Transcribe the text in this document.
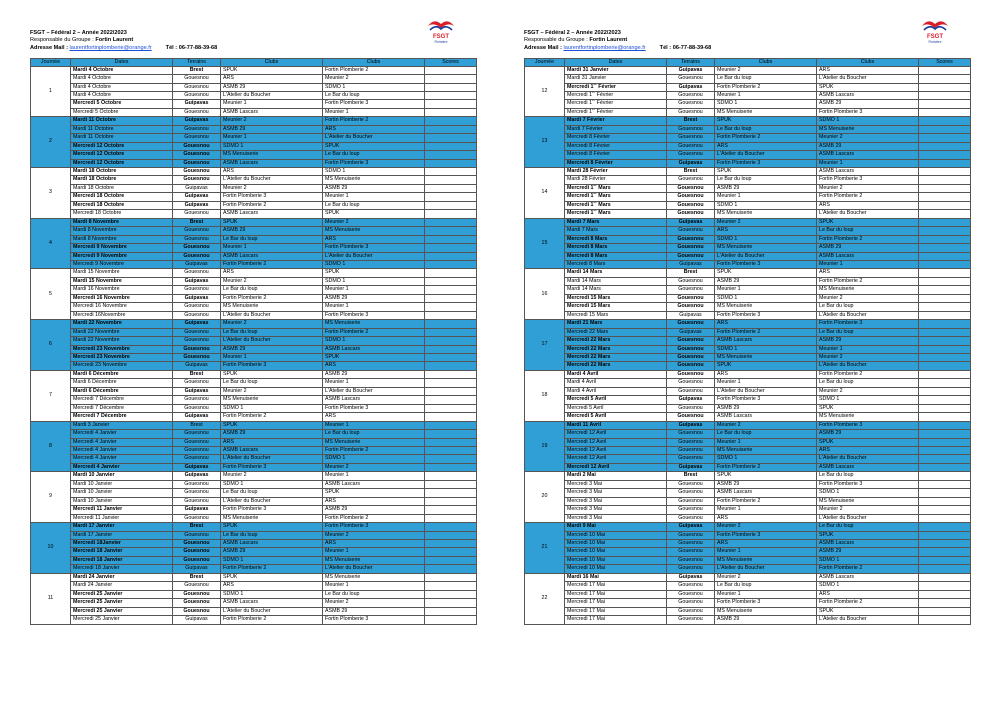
FSGT – Fédéral 2 – Année 2022/2023
Responsable du Groupe : Fortin Laurent
Adresse Mail : laurentfortinplomberie@orange.fr	Tél : 06-77-88-39-68
FSGT
Finistère
Journée	Dates	Terrains	Clubs	Clubs	Scores
1	Mardi 4 Octobre	Brest	SPUK	Fortin Plomberie 2	
	Mardi 4 Octobre	Gouesnou	ARS	Meunier 2	
	Mardi 4 Octobre	Gouesnou	ASMB 29	SDMO 1	
	Mardi 4 Octobre	Gouesnou	L'Atelier du Boucher	Le Bar du loup	
	Mercredi 5 Octobre	Guipavas	Meunier 1	Fortin Plomberie 3	
	Mercredi 5 Octobre	Gouesnou	ASMB Lascars	Meunier 1	
2	Mardi 11 Octobre	Guipavas	Meunier 2	Fortin Plomberie 2	
	Mardi 11 Octobre	Gouesnou	ASMB 29	ARS	
	Mardi 11 Octobre	Gouesnou	Meunier 1	L'Atelier du Boucher	
	Mercredi 12 Octobre	Gouesnou	SDMO 1	SPUK	
	Mercredi 12 Octobre	Gouesnou	MS Menuiserie	Le Bar du loup	
	Mercredi 12 Octobre	Gouesnou	ASMB Lascars	Fortin Plomberie 3	
3	Mardi 18 Octobre	Gouesnou	ARS	SDMO 1	
	Mardi 18 Octobre	Gouesnou	L'Atelier du Boucher	MS Menuiserie	
	Mardi 18 Octobre	Guipavas	Meunier 2	ASMB 29	
	Mercredi 18 Octobre	Guipavas	Fortin Plomberie 3	Meunier 1	
	Mercredi 18 Octobre	Guipavas	Fortin Plomberie 2	Le Bar du loup	
	Mercredi 18 Octobre	Gouesnou	ASMB Lascars	SPUK	
4	Mardi 8 Novembre	Brest	SPUK	Meunier 2	
	Mardi 8 Novembre	Gouesnou	ASMB 29	MS Menuiserie	
	Mardi 8 Novembre	Gouesnou	Le Bar du loup	ARS	
	Mercredi 9 Novembre	Gouesnou	Meunier 1	Fortin Plomberie 3	
	Mercredi 9 Novembre	Gouesnou	ASMB Lascars	L'Atelier du Boucher	
	Mercredi 9 Novembre	Guipavas	Fortin Plomberie 2	SDMO 1	
5	Mardi 15 Novembre	Gouesnou	ARS	SPUK	
	Mardi 15 Novembre	Guipavas	Meunier 2	SDMO 1	
	Mardi 16 Novembre	Gouesnou	Le Bar du loup	Meunier 1	
	Mercredi 16 Novembre	Guipavas	Fortin Plomberie 2	ASMB 29	
	Mercredi 16 Novembre	Gouesnou	MS Menuiserie	Meunier 1	
	Mercredi 16Novembre	Gouesnou	L'Atelier du Boucher	Fortin Plomberie 3	
6	Mardi 22 Novembre	Guipavas	Meunier 2	MS Menuiserie	
	Mardi 22 Novembre	Gouesnou	Le Bar du loup	Fortin Plomberie 2	
	Mardi 22 Novembre	Gouesnou	L'Atelier du Boucher	SDMO 1	
	Mercredi 23 Novembre	Gouesnou	ASMB 29	ASMB Lascars	
	Mercredi 23 Novembre	Gouesnou	Meunier 1	SPUK	
	Mercredi 23 Novembre	Guipavas	Fortin Plomberie 3	ARS	
7	Mardi 6 Décembre	Brest	SPUK	ASMB 29	
	Mardi 6 Décembre	Gouesnou	Le Bar du loup	Meunier 1	
	Mardi 6 Décembre	Guipavas	Meunier 2	L'Atelier du Boucher	
	Mercredi 7 Décembre	Gouesnou	MS Menuiserie	ASMB Lascars	
	Mercredi 7 Décembre	Gouesnou	SDMO 1	Fortin Plomberie 3	
	Mercredi 7 Décembre	Guipavas	Fortin Plomberie 2	ARS	
8	Mardi 3 Janvier	Brest	SPUK	Meunier 1	
	Mercredi 4 Janvier	Gouesnou	ASMB 29	Le Bar du loup	
	Mercredi 4 Janvier	Gouesnou	ARS	MS Menuiserie	
	Mercredi 4 Janvier	Gouesnou	ASMB Lascars	Fortin Plomberie 2	
	Mercredi 4 Janvier	Gouesnou	L'Atelier du Boucher	SDMO 1	
	Mercredi 4 Janvier	Guipavas	Fortin Plomberie 3	Meunier 2	
9	Mardi 10 Janvier	Guipavas	Meunier 2	Meunier 1	
	Mardi 10 Janvier	Gouesnou	SDMO 1	ASMB Lascars	
	Mardi 10 Janvier	Gouesnou	Le Bar du loup	SPUK	
	Mardi 10 Janvier	Gouesnou	L'Atelier du Boucher	ARS	
	Mercredi 11 Janvier	Guipavas	Fortin Plomberie 3	ASMB 29	
	Mercredi 11 Janvier	Gouesnou	MS Menuiserie	Fortin Plomberie 2	
10	Mardi 17 Janvier	Brest	SPUK	Fortin Plomberie 3	
	Mardi 17 Janvier	Gouesnou	Le Bar du loup	Meunier 2	
	Mercredi 18Janvier	Gouesnou	ASMB Lascars	ARS	
	Mercredi 18 Janvier	Gouesnou	ASMB 29	Meunier 1	
	Mercredi 18 Janvier	Gouesnou	SDMO 1	MS Menuiserie	
	Mercredi 18 Janvier	Guipavas	Fortin Plomberie 2	L'Atelier du Boucher	
11	Mardi 24 Janvier	Brest	SPUK	MS Menuiserie	
	Mardi 24 Janvier	Gouesnou	ARS	Meunier 1	
	Mercredi 25 Janvier	Gouesnou	SDMO 1	Le Bar du loup	
	Mercredi 25 Janvier	Gouesnou	ASMB Lascars	Meunier 2	
	Mercredi 25 Janvier	Gouesnou	L'Atelier du Boucher	ASMB 29	
	Mercredi 25 Janvier	Guipavas	Fortin Plomberie 2	Fortin Plomberie 3	
FSGT – Fédéral 2 – Année 2022/2023
Responsable du Groupe : Fortin Laurent
Adresse Mail : laurentfortinplomberie@orange.fr	Tél : 06-77-88-39-68
FSGT
Finistère
Journée	Dates	Terrains	Clubs	Clubs	Scores
12	Mardi 31 Janvier	Guipavas	Meunier 2	ARS	
	Mardi 31 Janvier	Gouesnou	Le Bar du loup	L'Atelier du Boucher	
	Mercredi 1er Février	Guipavas	Fortin Plomberie 2	SPUK	
	Mercredi 1er Février	Gouesnou	Meunier 1	ASMB Lascars	
	Mercredi 1er Février	Gouesnou	SDMO 1	ASMB 29	
	Mercredi 1er Février	Gouesnou	MS Menuiserie	Fortin Plomberie 3	
13	Mardi 7 Février	Brest	SPUK	SDMO 1	
	Mardi 7 Février	Gouesnou	Le Bar du loup	MS Menuiserie	
	Mercredi 8 Février	Gouesnou	Fortin Plomberie 2	Meunier 2	
	Mercredi 8 Février	Gouesnou	ARS	ASMB 29	
	Mercredi 8 Février	Gouesnou	L'Atelier du Boucher	ASMB Lascars	
	Mercredi 8 Février	Guipavas	Fortin Plomberie 3	Meunier 1	
14	Mardi 28 Février	Brest	SPUK	ASMB Lascars	
	Mardi 28 Février	Gouesnou	Le Bar du loup	Fortin Plomberie 3	
	Mercredi 1er Mars	Gouesnou	ASMB 29	Meunier 2	
	Mercredi 1er Mars	Gouesnou	Meunier 1	Fortin Plomberie 2	
	Mercredi 1er Mars	Gouesnou	SDMO 1	ARS	
	Mercredi 1er Mars	Gouesnou	MS Menuiserie	L'Atelier du Boucher	
15	Mardi 7 Mars	Guipavas	Meunier 2	SPUK	
	Mardi 7 Mars	Gouesnou	ARS	Le Bar du loup	
	Mercredi 8 Mars	Gouesnou	SDMO 1	Fortin Plomberie 2	
	Mercredi 8 Mars	Gouesnou	MS Menuiserie	ASMB 29	
	Mercredi 8 Mars	Gouesnou	L'Atelier du Boucher	ASMB Lascars	
	Mercredi 8 Mars	Guipavas	Fortin Plomberie 3	Meunier 1	
16	Mardi 14 Mars	Brest	SPUK	ARS	
	Mardi 14 Mars	Gouesnou	ASMB 29	Fortin Plomberie 2	
	Mardi 14 Mars	Gouesnou	Meunier 1	MS Menuiserie	
	Mercredi 15 Mars	Gouesnou	SDMO 1	Meunier 2	
	Mercredi 15 Mars	Gouesnou	MS Menuiserie	Le Bar du loup	
	Mercredi 15 Mars	Guipavas	Fortin Plomberie 3	L'Atelier du Boucher	
17	Mardi 21 Mars	Gouesnou	ARS	Fortin Plomberie 3	
	Mercredi 22 Mars	Guipavas	Fortin Plomberie 2	Le Bar du loup	
	Mercredi 22 Mars	Gouesnou	ASMB Lascars	ASMB 29	
	Mercredi 22 Mars	Gouesnou	SDMO 1	Meunier 1	
	Mercredi 22 Mars	Gouesnou	MS Menuiserie	Meunier 2	
	Mercredi 22 Mars	Gouesnou	SPUK	L'Atelier du Boucher	
18	Mardi 4 Avril	Gouesnou	ARS	Fortin Plomberie 2	
	Mardi 4 Avril	Gouesnou	Meunier 1	Le Bar du loup	
	Mardi 4 Avril	Gouesnou	L'Atelier du Boucher	Meunier 2	
	Mercredi 5 Avril	Guipavas	Fortin Plomberie 3	SDMO 1	
	Mercredi 5 Avril	Gouesnou	ASMB 29	SPUK	
	Mercredi 5 Avril	Gouesnou	ASMB Lascars	MS Menuiserie	
19	Mardi 11 Avril	Guipavas	Meunier 2	Fortin Plomberie 3	
	Mercredi 12 Avril	Gouesnou	Le Bar du loup	ASMB 29	
	Mercredi 12 Avril	Gouesnou	Meunier 1	SPUK	
	Mercredi 12 Avril	Gouesnou	MS Menuiserie	ARS	
	Mercredi 12 Avril	Gouesnou	SDMO 1	L'Atelier du Boucher	
	Mercredi 12 Avril	Guipavas	Fortin Plomberie 2	ASMB Lascars	
20	Mardi 2 Mai	Brest	SPUK	Le Bar du loup	
	Mercredi 3 Mai	Gouesnou	ASMB 29	Fortin Plomberie 3	
	Mercredi 3 Mai	Gouesnou	ASMB Lascars	SDMO 1	
	Mercredi 3 Mai	Gouesnou	Fortin Plomberie 2	MS Menuiserie	
	Mercredi 3 Mai	Gouesnou	Meunier 1	Meunier 2	
	Mercredi 3 Mai	Gouesnou	ARS	L'Atelier du Boucher	
21	Mardi 9 Mai	Guipavas	Meunier 2	Le Bar du loup	
	Mercredi 10 Mai	Gouesnou	Fortin Plomberie 3	SPUK	
	Mercredi 10 Mai	Gouesnou	ARS	ASMB Lascars	
	Mercredi 10 Mai	Gouesnou	Meunier 1	ASMB 29	
	Mercredi 10 Mai	Gouesnou	MS Menuiserie	SDMO 1	
	Mercredi 10 Mai	Gouesnou	L'Atelier du Boucher	Fortin Plomberie 2	
22	Mardi 16 Mai	Guipavas	Meunier 2	ASMB Lascars	
	Mercredi 17 Mai	Gouesnou	Le Bar du loup	SDMO 1	
	Mercredi 17 Mai	Gouesnou	Meunier 1	ARS	
	Mercredi 17 Mai	Gouesnou	Fortin Plomberie 3	Fortin Plomberie 2	
	Mercredi 17 Mai	Gouesnou	MS Menuiserie	SPUK	
	Mercredi 17 Mai	Gouesnou	ASMB 29	L'Atelier du Boucher	
